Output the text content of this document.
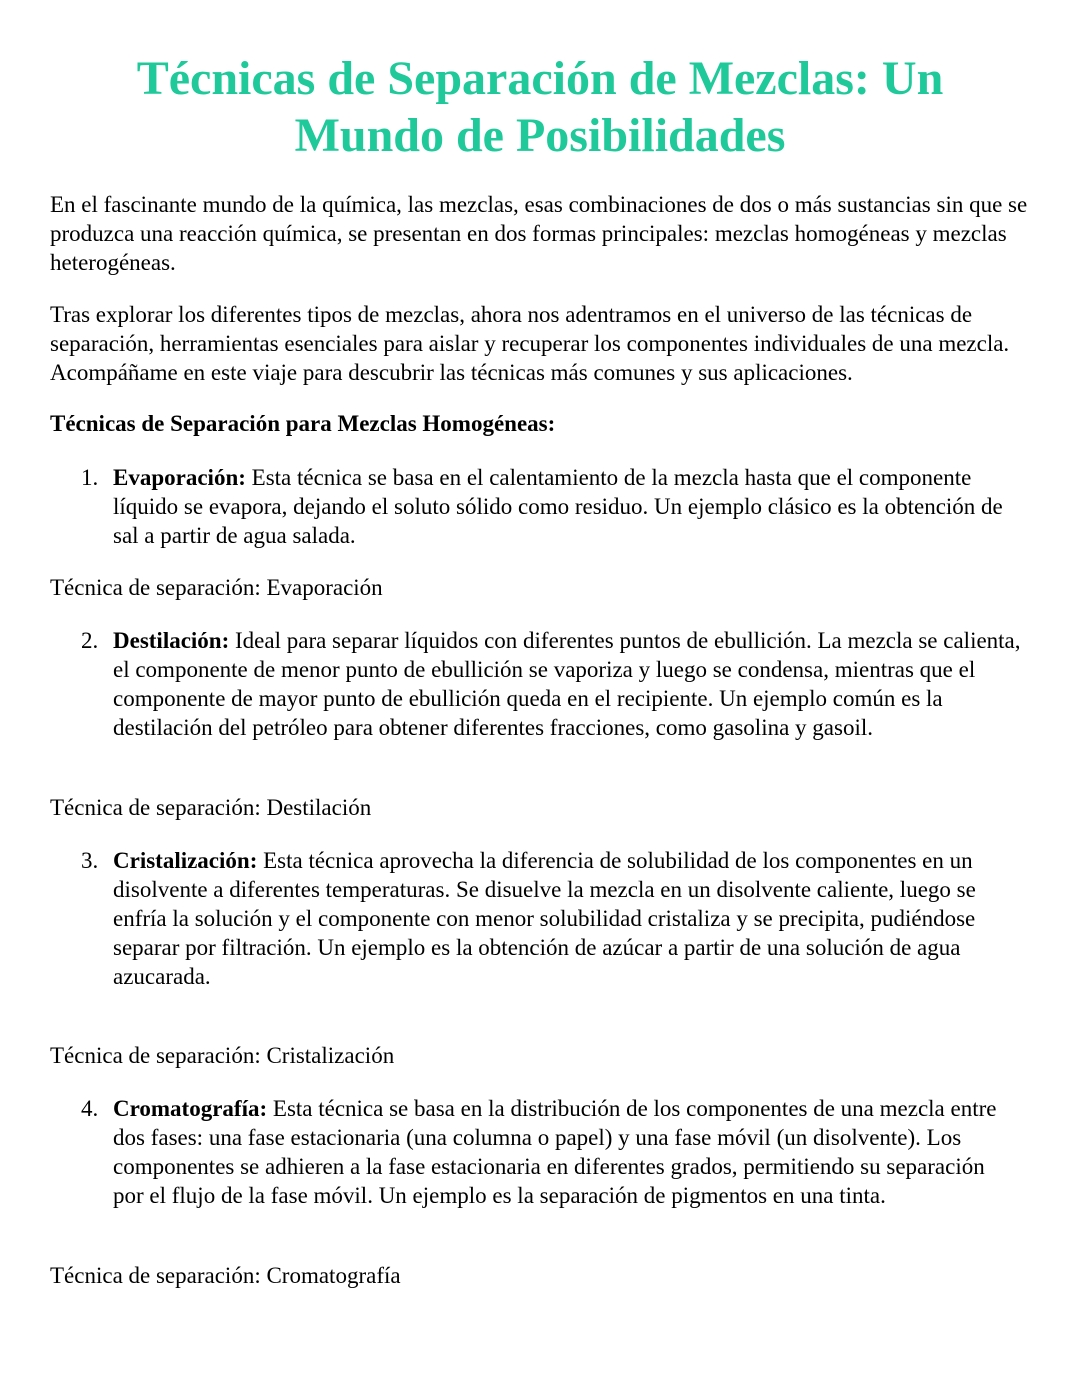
Técnicas de Separación de Mezclas: Un Mundo de Posibilidades

En el fascinante mundo de la química, las mezclas, esas combinaciones de dos o más sustancias sin que se produzca una reacción química, se presentan en dos formas principales: mezclas homogéneas y mezclas heterogéneas.

Tras explorar los diferentes tipos de mezclas, ahora nos adentramos en el universo de las técnicas de separación, herramientas esenciales para aislar y recuperar los componentes individuales de una mezcla. Acompáñame en este viaje para descubrir las técnicas más comunes y sus aplicaciones.

Técnicas de Separación para Mezclas Homogéneas:

1. Evaporación: Esta técnica se basa en el calentamiento de la mezcla hasta que el componente líquido se evapora, dejando el soluto sólido como residuo. Un ejemplo clásico es la obtención de sal a partir de agua salada.

Técnica de separación: Evaporación

2. Destilación: Ideal para separar líquidos con diferentes puntos de ebullición. La mezcla se calienta, el componente de menor punto de ebullición se vaporiza y luego se condensa, mientras que el componente de mayor punto de ebullición queda en el recipiente. Un ejemplo común es la destilación del petróleo para obtener diferentes fracciones, como gasolina y gasoil.

Técnica de separación: Destilación

3. Cristalización: Esta técnica aprovecha la diferencia de solubilidad de los componentes en un disolvente a diferentes temperaturas. Se disuelve la mezcla en un disolvente caliente, luego se enfría la solución y el componente con menor solubilidad cristaliza y se precipita, pudiéndose separar por filtración. Un ejemplo es la obtención de azúcar a partir de una solución de agua azucarada.

Técnica de separación: Cristalización

4. Cromatografía: Esta técnica se basa en la distribución de los componentes de una mezcla entre dos fases: una fase estacionaria (una columna o papel) y una fase móvil (un disolvente). Los componentes se adhieren a la fase estacionaria en diferentes grados, permitiendo su separación por el flujo de la fase móvil. Un ejemplo es la separación de pigmentos en una tinta.

Técnica de separación: Cromatografía
